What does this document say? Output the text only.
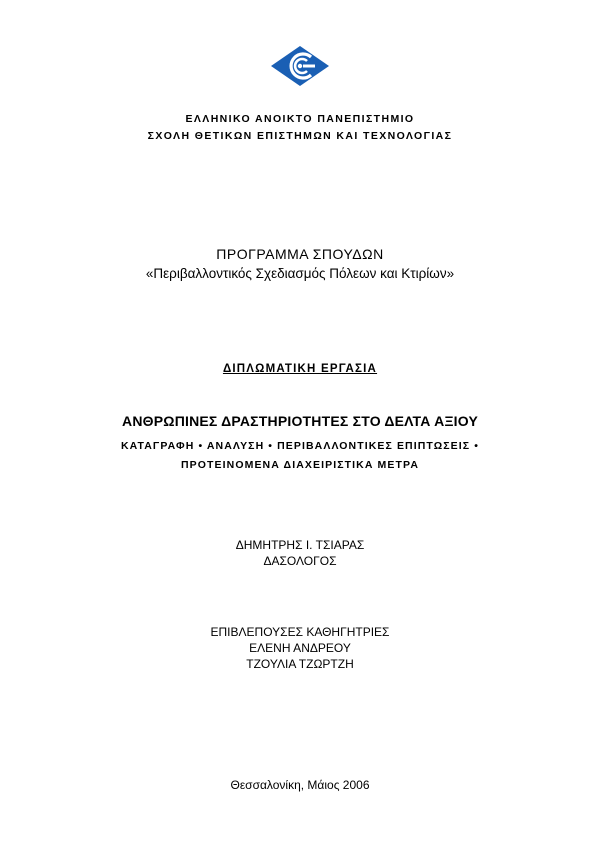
ΕΛΛΗΝΙΚΟ ΑΝΟΙΚΤΟ ΠΑΝΕΠΙΣΤΗΜΙΟ
ΣΧΟΛΗ ΘΕΤΙΚΩΝ ΕΠΙΣΤΗΜΩΝ ΚΑΙ ΤΕΧΝΟΛΟΓΙΑΣ
ΠΡΟΓΡΑΜΜΑ ΣΠΟΥΔΩΝ
«Περιβαλλοντικός Σχεδιασμός Πόλεων και Κτιρίων»
ΔΙΠΛΩΜΑΤΙΚΗ ΕΡΓΑΣΙΑ
ΑΝΘΡΩΠΙΝΕΣ ΔΡΑΣΤΗΡΙΟΤΗΤΕΣ ΣΤΟ ΔΕΛΤΑ ΑΞΙΟΥ
ΚΑΤΑΓΡΑΦΗ • ΑΝΑΛΥΣΗ • ΠΕΡΙΒΑΛΛΟΝΤΙΚΕΣ ΕΠΙΠΤΩΣΕΙΣ •
ΠΡΟΤΕΙΝΟΜΕΝΑ ΔΙΑΧΕΙΡΙΣΤΙΚΑ ΜΕΤΡΑ
ΔΗΜΗΤΡΗΣ Ι. ΤΣΙΑΡΑΣ
ΔΑΣΟΛΟΓΟΣ
ΕΠΙΒΛΕΠΟΥΣΕΣ ΚΑΘΗΓΗΤΡΙΕΣ
ΕΛΕΝΗ ΑΝΔΡΕΟΥ
ΤΖΟΥΛΙΑ ΤΖΩΡΤΖΗ
Θεσσαλονίκη, Μάιος 2006
